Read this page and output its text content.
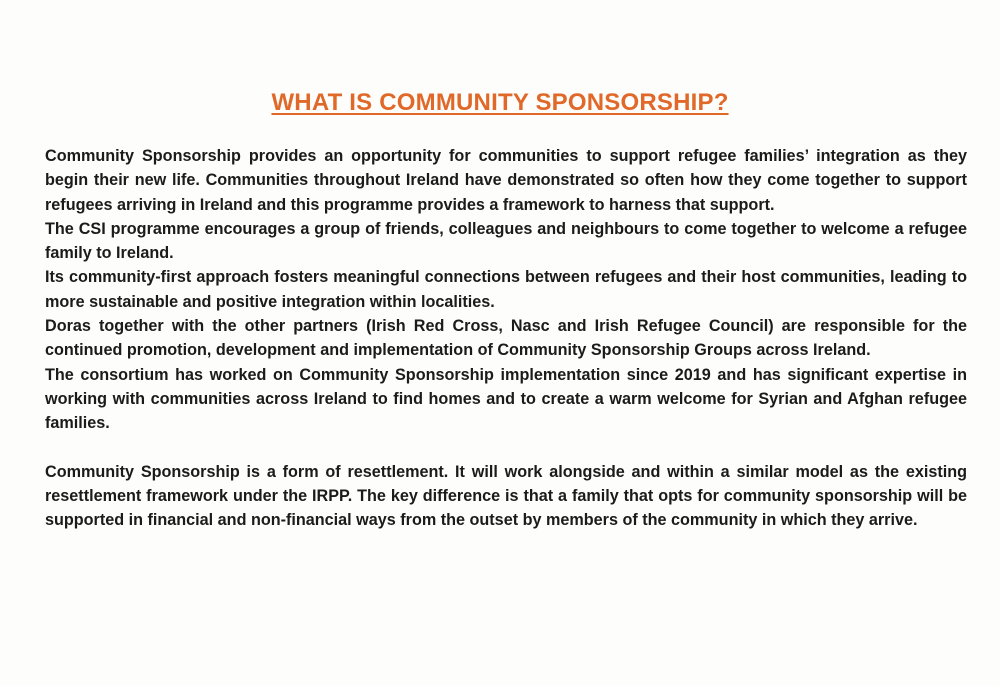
WHAT IS COMMUNITY SPONSORSHIP?

Community Sponsorship provides an opportunity for communities to support refugee families’ integration as they begin their new life. Communities throughout Ireland have demonstrated so often how they come together to support refugees arriving in Ireland and this programme provides a framework to harness that support.

The CSI programme encourages a group of friends, colleagues and neighbours to come together to welcome a refugee family to Ireland.

Its community-first approach fosters meaningful connections between refugees and their host communities, leading to more sustainable and positive integration within localities.

Doras together with the other partners (Irish Red Cross, Nasc and Irish Refugee Council) are responsible for the continued promotion, development and implementation of Community Sponsorship Groups across Ireland.

The consortium has worked on Community Sponsorship implementation since 2019 and has significant expertise in working with communities across Ireland to find homes and to create a warm welcome for Syrian and Afghan refugee families.

Community Sponsorship is a form of resettlement. It will work alongside and within a similar model as the existing resettlement framework under the IRPP. The key difference is that a family that opts for community sponsorship will be supported in financial and non-financial ways from the outset by members of the community in which they arrive.
